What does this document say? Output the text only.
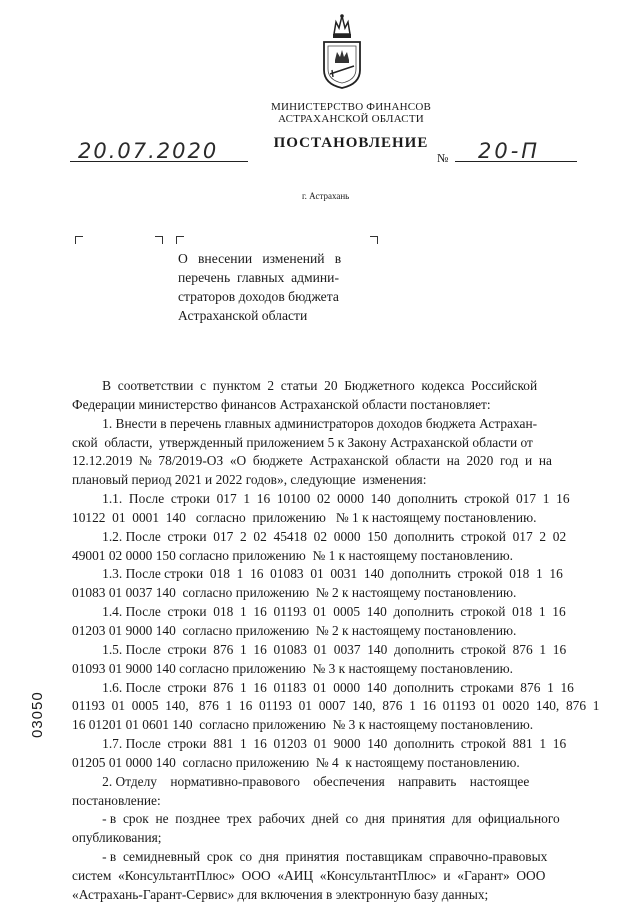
МИНИСТЕРСТВО ФИНАНСОВ
АСТРАХАНСКОЙ ОБЛАСТИ
ПОСТАНОВЛЕНИЕ
20.07.2020	№ 20-П
г. Астрахань
О   внесении   изменений   в
перечень  главных  админи-
страторов доходов бюджета
Астраханской области
В  соответствии  с  пунктом  2  статьи  20  Бюджетного  кодекса  Российской
Федерации министерство финансов Астраханской области постановляет:
1. Внести в перечень главных администраторов доходов бюджета Астрахан-
ской  области,  утвержденный приложением 5 к Закону Астраханской области от
12.12.2019  №  78/2019-ОЗ  «О  бюджете  Астраханской  области  на  2020  год  и  на
плановый период 2021 и 2022 годов», следующие  изменения:
1.1.  После  строки  017  1  16  10100  02  0000  140  дополнить  строкой  017  1  16
10122  01  0001  140   согласно  приложению   № 1 к настоящему постановлению.
1.2. После  строки  017  2  02  45418  02  0000  150  дополнить  строкой  017  2  02
49001 02 0000 150 согласно приложению  № 1 к настоящему постановлению.
1.3. После строки  018  1  16  01083  01  0031  140  дополнить  строкой  018  1  16
01083 01 0037 140  согласно приложению  № 2 к настоящему постановлению.
1.4. После  строки  018  1  16  01193  01  0005  140  дополнить  строкой  018  1  16
01203 01 9000 140  согласно приложению  № 2 к настоящему постановлению.
1.5. После  строки  876  1  16  01083  01  0037  140  дополнить  строкой  876  1  16
01093 01 9000 140 согласно приложению  № 3 к настоящему постановлению.
1.6. После  строки  876  1  16  01183  01  0000  140  дополнить  строками  876  1  16
01193  01  0005  140,   876  1  16  01193  01  0007  140,  876  1  16  01193  01  0020  140,  876  1
16 01201 01 0601 140  согласно приложению  № 3 к настоящему постановлению.
1.7. После  строки  881  1  16  01203  01  9000  140  дополнить  строкой  881  1  16
01205 01 0000 140  согласно приложению  № 4  к настоящему постановлению.
2. Отделу    нормативно-правового    обеспечения    направить    настоящее
постановление:
- в  срок  не  позднее  трех  рабочих  дней  со  дня  принятия  для  официального
опубликования;
- в  семидневный  срок  со  дня  принятия  поставщикам  справочно-правовых
систем  «КонсультантПлюс»  ООО  «АИЦ  «КонсультантПлюс»  и  «Гарант»  ООО
«Астрахань-Гарант-Сервис» для включения в электронную базу данных;
03050
